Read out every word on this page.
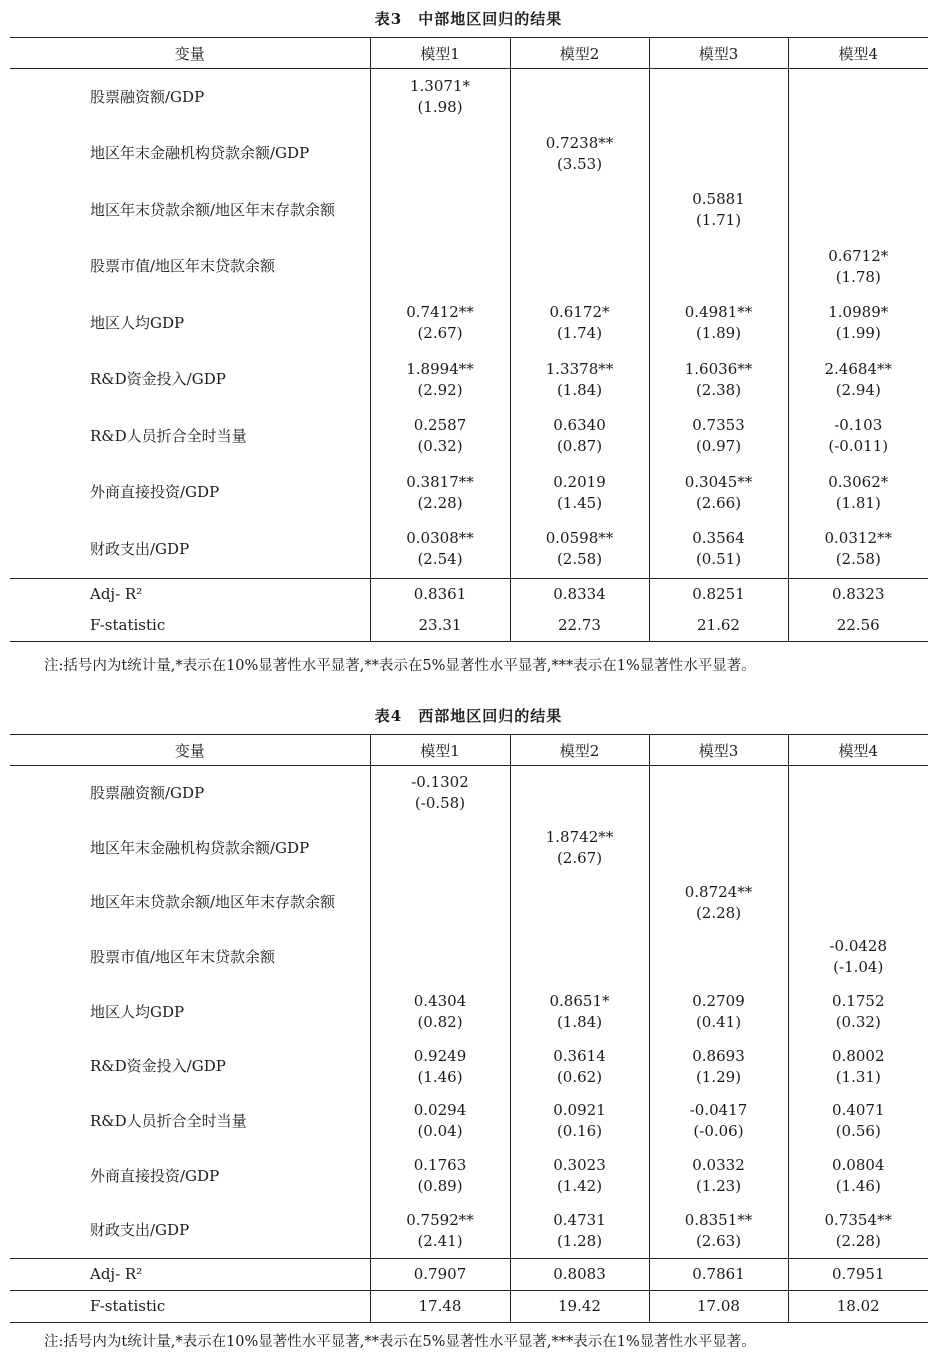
表3　中部地区回归的结果
变量	模型1	模型2	模型3	模型4
股票融资额/GDP	1.3071*
(1.98)			

地区年末金融机构贷款余额/GDP		0.7238**
(3.53)		

地区年末贷款余额/地区年末存款余额			0.5881
(1.71)	

股票市值/地区年末贷款余额				0.6712*
(1.78)

地区人均GDP	0.7412**
(2.67)	0.6172*
(1.74)	0.4981**
(1.89)	1.0989*
(1.99)

R&D资金投入/GDP	1.8994**
(2.92)	1.3378**
(1.84)	1.6036**
(2.38)	2.4684**
(2.94)

R&D人员折合全时当量	0.2587
(0.32)	0.6340
(0.87)	0.7353
(0.97)	-0.103
(-0.011)

外商直接投资/GDP	0.3817**
(2.28)	0.2019
(1.45)	0.3045**
(2.66)	0.3062*
(1.81)

财政支出/GDP	0.0308**
(2.54)	0.0598**
(2.58)	0.3564
(0.51)	0.0312**
(2.58)

Adj- R²	0.8361	0.8334	0.8251	0.8323
F-statistic	23.31	22.73	21.62	22.56
注:括号内为t统计量,*表示在10%显著性水平显著,**表示在5%显著性水平显著,***表示在1%显著性水平显著。
表4　西部地区回归的结果
变量	模型1	模型2	模型3	模型4
股票融资额/GDP	-0.1302
(-0.58)			

地区年末金融机构贷款余额/GDP		1.8742**
(2.67)		

地区年末贷款余额/地区年末存款余额			0.8724**
(2.28)	

股票市值/地区年末贷款余额				-0.0428
(-1.04)

地区人均GDP	0.4304
(0.82)	0.8651*
(1.84)	0.2709
(0.41)	0.1752
(0.32)

R&D资金投入/GDP	0.9249
(1.46)	0.3614
(0.62)	0.8693
(1.29)	0.8002
(1.31)

R&D人员折合全时当量	0.0294
(0.04)	0.0921
(0.16)	-0.0417
(-0.06)	0.4071
(0.56)

外商直接投资/GDP	0.1763
(0.89)	0.3023
(1.42)	0.0332
(1.23)	0.0804
(1.46)

财政支出/GDP	0.7592**
(2.41)	0.4731
(1.28)	0.8351**
(2.63)	0.7354**
(2.28)

Adj- R²	0.7907	0.8083	0.7861	0.7951
F-statistic	17.48	19.42	17.08	18.02
注:括号内为t统计量,*表示在10%显著性水平显著,**表示在5%显著性水平显著,***表示在1%显著性水平显著。
